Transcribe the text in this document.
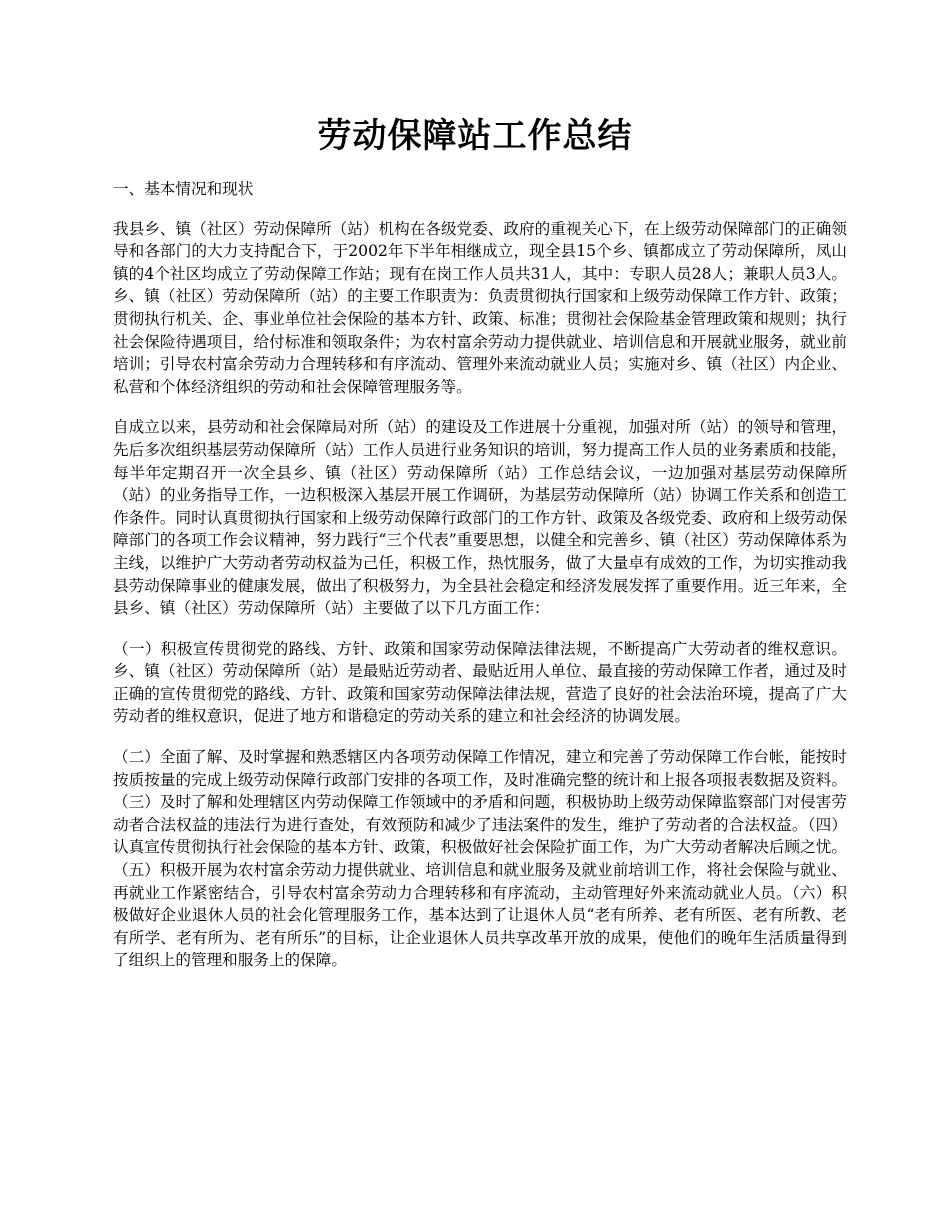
劳动保障站工作总结

一、基本情况和现状

我县乡、镇（社区）劳动保障所（站）机构在各级党委、政府的重视关心下，在上级劳动保障部门的正确领导和各部门的大力支持配合下，于2002年下半年相继成立，现全县15个乡、镇都成立了劳动保障所，凤山镇的4个社区均成立了劳动保障工作站；现有在岗工作人员共31人，其中：专职人员28人；兼职人员3人。乡、镇（社区）劳动保障所（站）的主要工作职责为：负责贯彻执行国家和上级劳动保障工作方针、政策；贯彻执行机关、企、事业单位社会保险的基本方针、政策、标准；贯彻社会保险基金管理政策和规则；执行社会保险待遇项目，给付标准和领取条件；为农村富余劳动力提供就业、培训信息和开展就业服务，就业前培训；引导农村富余劳动力合理转移和有序流动、管理外来流动就业人员；实施对乡、镇（社区）内企业、私营和个体经济组织的劳动和社会保障管理服务等。

自成立以来，县劳动和社会保障局对所（站）的建设及工作进展十分重视，加强对所（站）的领导和管理，先后多次组织基层劳动保障所（站）工作人员进行业务知识的培训，努力提高工作人员的业务素质和技能，每半年定期召开一次全县乡、镇（社区）劳动保障所（站）工作总结会议，一边加强对基层劳动保障所（站）的业务指导工作，一边积极深入基层开展工作调研，为基层劳动保障所（站）协调工作关系和创造工作条件。同时认真贯彻执行国家和上级劳动保障行政部门的工作方针、政策及各级党委、政府和上级劳动保障部门的各项工作会议精神，努力践行“三个代表”重要思想，以健全和完善乡、镇（社区）劳动保障体系为主线，以维护广大劳动者劳动权益为己任，积极工作，热忱服务，做了大量卓有成效的工作，为切实推动我县劳动保障事业的健康发展，做出了积极努力，为全县社会稳定和经济发展发挥了重要作用。近三年来，全县乡、镇（社区）劳动保障所（站）主要做了以下几方面工作：

（一）积极宣传贯彻党的路线、方针、政策和国家劳动保障法律法规，不断提高广大劳动者的维权意识。乡、镇（社区）劳动保障所（站）是最贴近劳动者、最贴近用人单位、最直接的劳动保障工作者，通过及时正确的宣传贯彻党的路线、方针、政策和国家劳动保障法律法规，营造了良好的社会法治环境，提高了广大劳动者的维权意识，促进了地方和谐稳定的劳动关系的建立和社会经济的协调发展。

（二）全面了解、及时掌握和熟悉辖区内各项劳动保障工作情况，建立和完善了劳动保障工作台帐，能按时按质按量的完成上级劳动保障行政部门安排的各项工作，及时准确完整的统计和上报各项报表数据及资料。（三）及时了解和处理辖区内劳动保障工作领域中的矛盾和问题，积极协助上级劳动保障监察部门对侵害劳动者合法权益的违法行为进行查处，有效预防和减少了违法案件的发生，维护了劳动者的合法权益。（四）认真宣传贯彻执行社会保险的基本方针、政策，积极做好社会保险扩面工作，为广大劳动者解决后顾之忧。（五）积极开展为农村富余劳动力提供就业、培训信息和就业服务及就业前培训工作，将社会保险与就业、再就业工作紧密结合，引导农村富余劳动力合理转移和有序流动，主动管理好外来流动就业人员。（六）积极做好企业退休人员的社会化管理服务工作，基本达到了让退休人员“老有所养、老有所医、老有所教、老有所学、老有所为、老有所乐”的目标，让企业退休人员共享改革开放的成果，使他们的晚年生活质量得到了组织上的管理和服务上的保障。
